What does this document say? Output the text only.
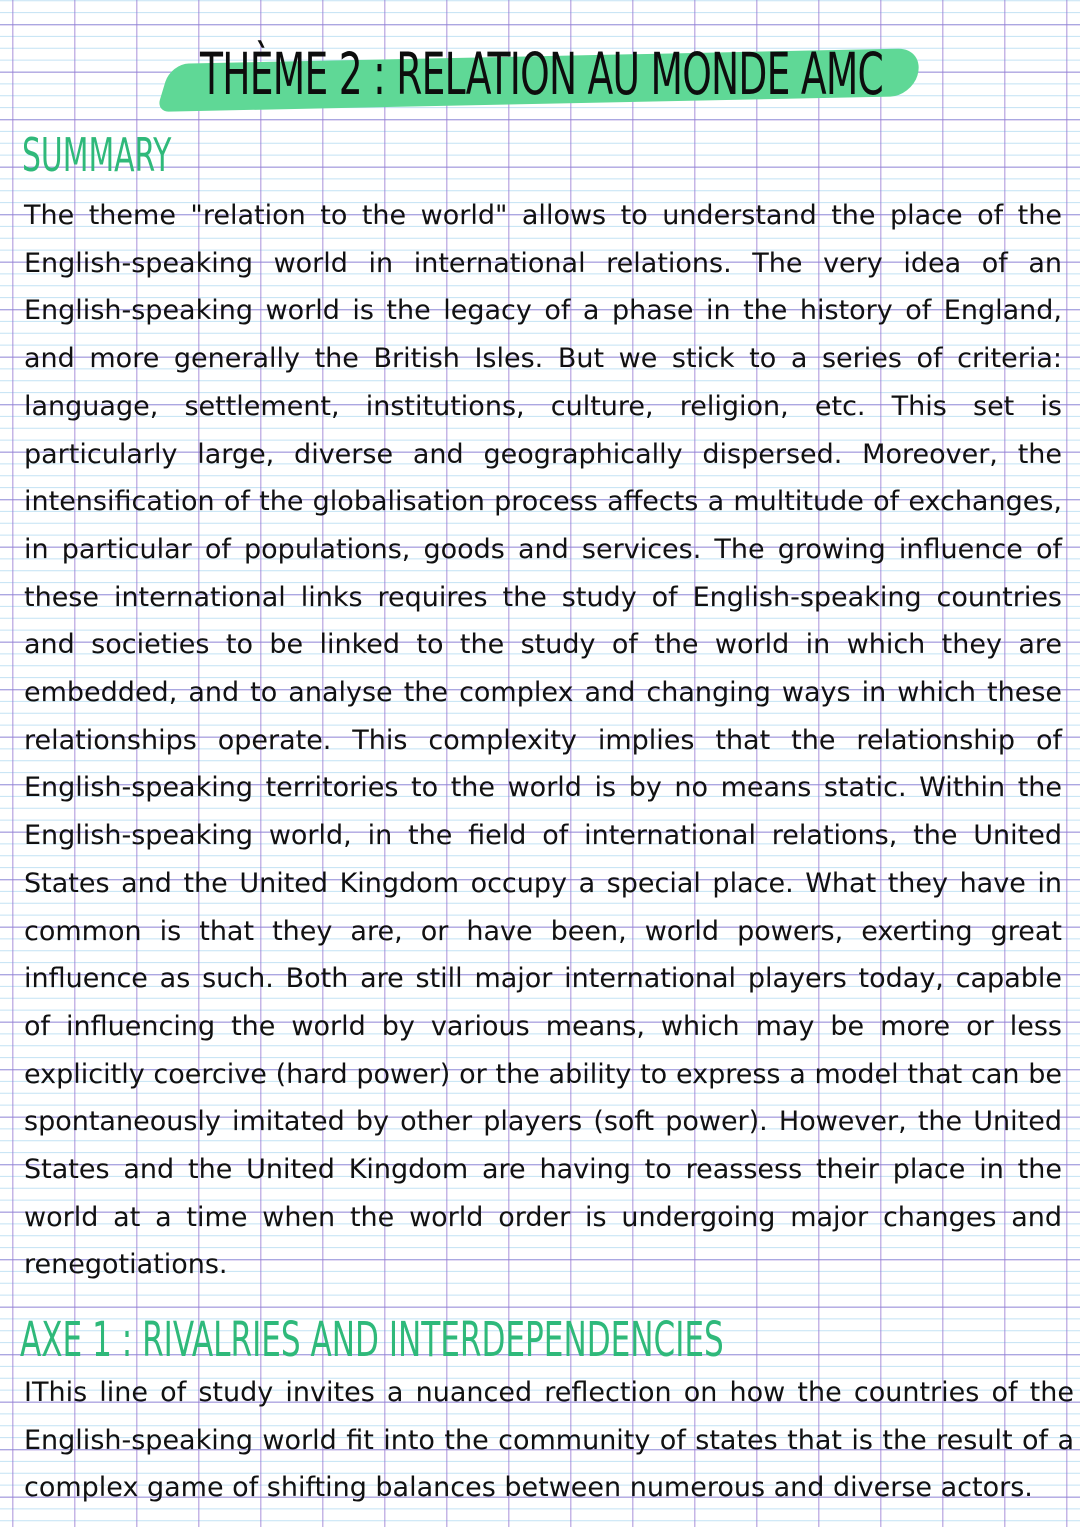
THÈME 2 : RELATION AU MONDE AMC
SUMMARY

The theme "relation to the world" allows to understand the place of the English-speaking world in international relations. The very idea of an English-speaking world is the legacy of a phase in the history of England, and more generally the British Isles. But we stick to a series of criteria: language, settlement, institutions, culture, religion, etc. This set is particularly large, diverse and geographically dispersed. Moreover, the intensification of the globalisation process affects a multitude of exchanges, in particular of populations, goods and services. The growing influence of these international links requires the study of English-speaking countries and societies to be linked to the study of the world in which they are embedded, and to analyse the complex and changing ways in which these relationships operate. This complexity implies that the relationship of English-speaking territories to the world is by no means static. Within the English-speaking world, in the field of international relations, the United States and the United Kingdom occupy a special place. What they have in common is that they are, or have been, world powers, exerting great influence as such. Both are still major international players today, capable of influencing the world by various means, which may be more or less explicitly coercive (hard power) or the ability to express a model that can be spontaneously imitated by other players (soft power). However, the United States and the United Kingdom are having to reassess their place in the world at a time when the world order is undergoing major changes and renegotiations.

AXE 1 : RIVALRIES AND INTERDEPENDENCIES

IThis line of study invites a nuanced reflection on how the countries of the English-speaking world fit into the community of states that is the result of a complex game of shifting balances between numerous and diverse actors.
